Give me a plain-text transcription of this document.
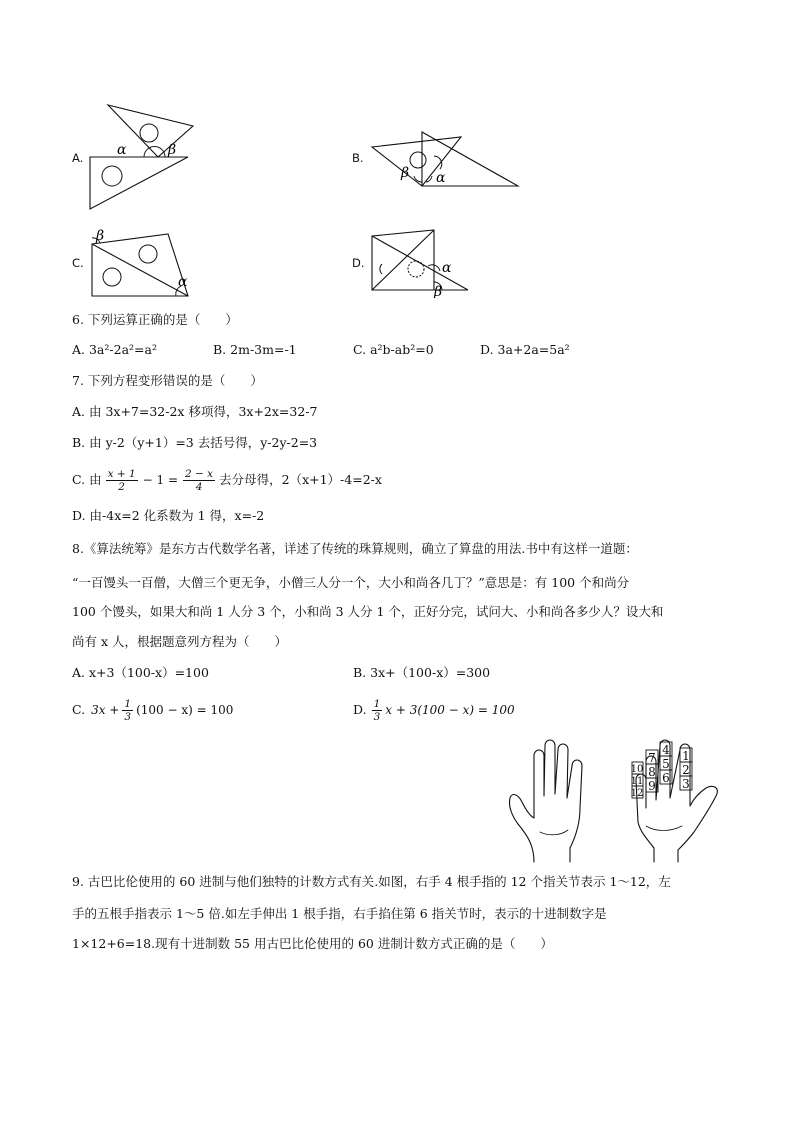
A. α	β	B.
β α
C.
β
α
D.	α
β
6. 下列运算正确的是（　　）
A. 3a²-2a²=a²	B. 2m-3m=-1	C. a²b-ab²=0	D. 3a+2a=5a²
7. 下列方程变形错误的是（　　）
A. 由 3x+7=32-2x 移项得，3x+2x=32-7
B. 由 y-2（y+1）=3 去括号得，y-2y-2=3
C. 由 $\frac{x + 1}{2} - 1 = \frac{2 - x}{4}$ 去分母得，2（x+1）-4=2-x
D. 由-4x=2 化系数为 1 得，x=-2
8.《算法统筹》是东方古代数学名著，详述了传统的珠算规则，确立了算盘的用法.书中有这样一道题：
“一百馒头一百僧，大僧三个更无争，小僧三人分一个，大小和尚各几丁？”意思是：有 100 个和尚分
100 个馒头，如果大和尚 1 人分 3 个，小和尚 3 人分 1 个，正好分完，试问大、小和尚各多少人？设大和
尚有 x 人，根据题意列方程为（　　）
A. x+3（100-x）=100	B. 3x+（100-x）=300
C. $3x + \frac{1}{3} (100 - x) = 100$	D. $\frac{1}{3}$ x + 3(100 − x) = 100
1
2
3
4
5
6
7
8
9
10
11
12
9. 古巴比伦使用的 60 进制与他们独特的计数方式有关.如图，右手 4 根手指的 12 个指关节表示 1～12，左
手的五根手指表示 1～5 倍.如左手伸出 1 根手指，右手掐住第 6 指关节时，表示的十进制数字是
1×12+6=18.现有十进制数 55 用古巴比伦使用的 60 进制计数方式正确的是（　　）
